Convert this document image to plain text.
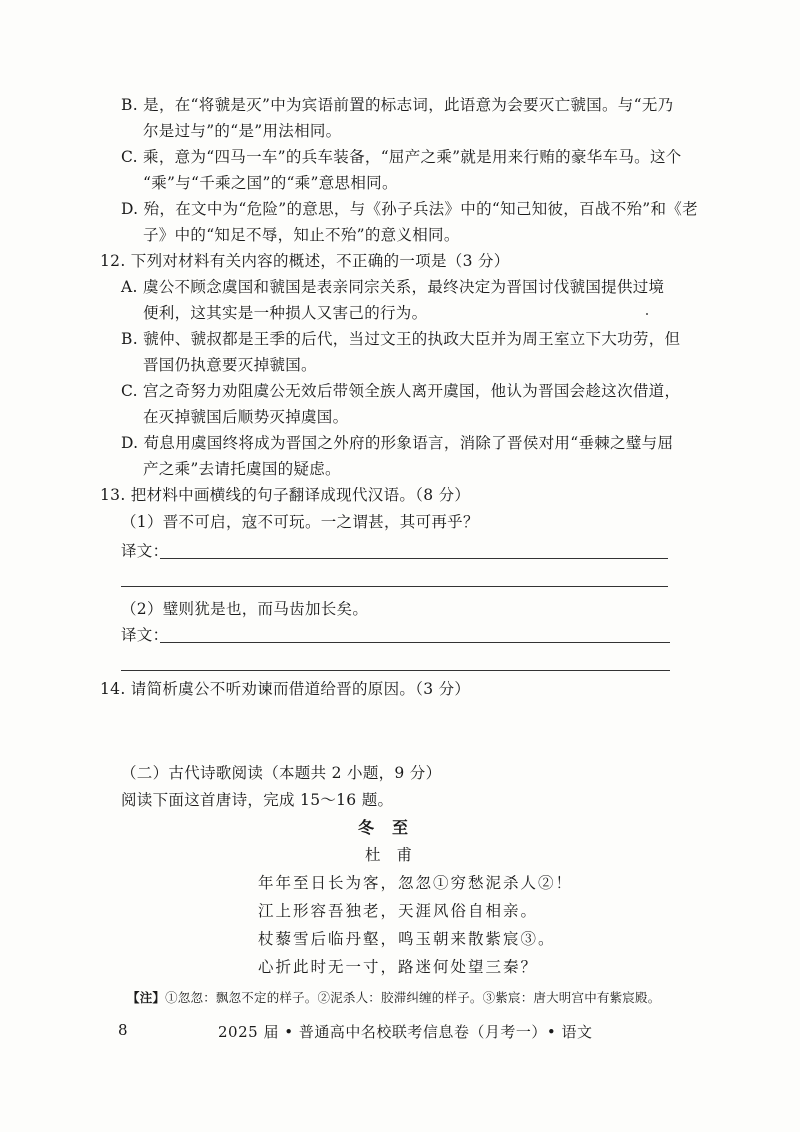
B. 是，在“将虢是灭”中为宾语前置的标志词，此语意为会要灭亡虢国。与“无乃
尔是过与”的“是”用法相同。
C. 乘，意为“四马一车”的兵车装备，“屈产之乘”就是用来行贿的豪华车马。这个
“乘”与“千乘之国”的“乘”意思相同。
D. 殆，在文中为“危险”的意思，与《孙子兵法》中的“知己知彼，百战不殆”和《老
子》中的“知足不辱，知止不殆”的意义相同。
12. 下列对材料有关内容的概述，不正确的一项是（3 分）
A. 虞公不顾念虞国和虢国是表亲同宗关系，最终决定为晋国讨伐虢国提供过境
便利，这其实是一种损人又害己的行为。
B. 虢仲、虢叔都是王季的后代，当过文王的执政大臣并为周王室立下大功劳，但
晋国仍执意要灭掉虢国。
C. 宫之奇努力劝阻虞公无效后带领全族人离开虞国，他认为晋国会趁这次借道，
在灭掉虢国后顺势灭掉虞国。
D. 荀息用虞国终将成为晋国之外府的形象语言，消除了晋侯对用“垂棘之璧与屈
产之乘”去请托虞国的疑虑。
13. 把材料中画横线的句子翻译成现代汉语。（8 分）
（1）晋不可启，寇不可玩。一之谓甚，其可再乎？
译文：
（2）璧则犹是也，而马齿加长矣。
译文：
14. 请简析虞公不听劝谏而借道给晋的原因。（3 分）
（二）古代诗歌阅读（本题共 2 小题，9 分）
阅读下面这首唐诗，完成 15～16 题。
冬至
杜甫
年年至日长为客，忽忽①穷愁泥杀人②！
江上形容吾独老，天涯风俗自相亲。
杖藜雪后临丹壑，鸣玉朝来散紫宸③。
心折此时无一寸，路迷何处望三秦？
【注】①忽忽：飘忽不定的样子。②泥杀人：胶滞纠缠的样子。③紫宸：唐大明宫中有紫宸殿。
8	2025 届 • 普通高中名校联考信息卷（月考一）• 语文
